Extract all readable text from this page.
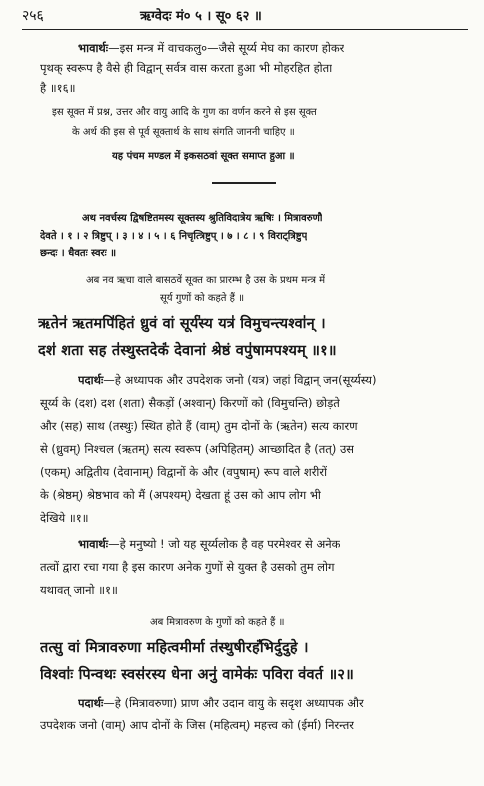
२५६	ऋग्वेदः मं० ५ । सू० ६२ ॥
भावार्थः—इस मन्त्र में वाचकलु०—जैसे सूर्य्य मेघ का कारण होकर
पृथक् स्वरूप है वैसे ही विद्वान् सर्वत्र वास करता हुआ भी मोहरहित होता
है ॥१६॥
इस सूक्त में प्रश्न, उत्तर और वायु आदि के गुण का वर्णन करने से इस सूक्त
के अर्थ की इस से पूर्व सूक्तार्थ के साथ संगति जाननी चाहिए ॥
यह पंचम मण्डल में इकसठवां सूक्त समाप्त हुआ ॥
अथ नवर्चस्य द्विषष्टितमस्य सूक्तस्य श्रुतिविदात्रेय ऋषिः । मित्रावरुणौ
देवते । १ । २ त्रिष्टुप् । ३ । ४ । ५ । ६ निचृत्त्रिष्टुप् । ७ । ८ । ९ विराट्त्रिष्टुप्
छन्दः । धैवतः स्वरः ॥
अब नव ऋचा वाले बासठवें सूक्त का प्रारम्भ है उस के प्रथम मन्त्र में
सूर्य गुणों को कहते हैं ॥
ऋतेन॑ ऋतमपि॑हितं ध्रुवं वां सूर्य॑स्य यत्र॑ विमुचन्त्यश्वा॑न् ।
दश॑ शता सह त॑स्थुस्तदेकं॑ देवानां श्रेष्ठं वपु॑षामपश्यम् ॥१॥
पदार्थः—हे अध्यापक और उपदेशक जनो (यत्र) जहां विद्वान् जन(सूर्य्यस्य)
सूर्य्य के (दश) दश (शता) सैकड़ों (अश्वान्) किरणों को (विमुचन्ति) छोड़ते
और (सह) साथ (तस्थुः) स्थित होते हैं (वाम्) तुम दोनों के (ऋतेन) सत्य कारण
से (ध्रुवम्) निश्चल (ऋतम्) सत्य स्वरूप (अपिहितम्) आच्छादित है (तत्) उस
(एकम्) अद्वितीय (देवानाम्) विद्वानों के और (वपुषाम्) रूप वाले शरीरों
के (श्रेष्ठम्) श्रेष्ठभाव को मैं (अपश्यम्) देखता हूं उस को आप लोग भी
देखिये ॥१॥
भावार्थः—हे मनुष्यो ! जो यह सूर्य्यलोक है वह परमेश्वर से अनेक
तत्वों द्वारा रचा गया है इस कारण अनेक गुणों से युक्त है उसको तुम लोग
यथावत् जानो ॥१॥
अब मित्रावरुण के गुणों को कहते हैं ॥
तत्सु वां मित्रावरुणा महित्वमीर्मा त॑स्थुषीरहं॑भिर्दुदुहे ।
विश्वाः॑ पिन्वथः स्वस॑रस्य धेना अनु॑ वामेकः॑ पविरा व॑वर्त ॥२॥
पदार्थः—हे (मित्रावरुणा) प्राण और उदान वायु के सदृश अध्यापक और
उपदेशक जनो (वाम्) आप दोनों के जिस (महित्वम्) महत्त्व को (ईर्मा) निरन्तर
